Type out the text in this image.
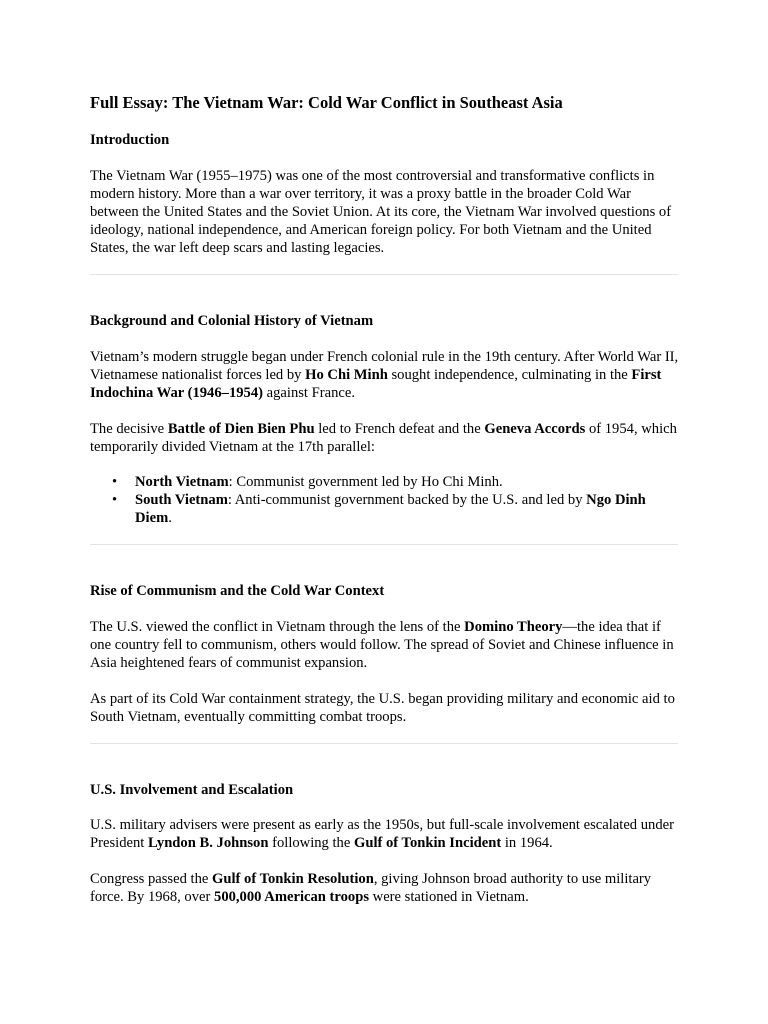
Full Essay: The Vietnam War: Cold War Conflict in Southeast Asia
Introduction
The Vietnam War (1955–1975) was one of the most controversial and transformative conflicts in modern history. More than a war over territory, it was a proxy battle in the broader Cold War between the United States and the Soviet Union. At its core, the Vietnam War involved questions of ideology, national independence, and American foreign policy. For both Vietnam and the United States, the war left deep scars and lasting legacies.
Background and Colonial History of Vietnam
Vietnam’s modern struggle began under French colonial rule in the 19th century. After World War II, Vietnamese nationalist forces led by Ho Chi Minh sought independence, culminating in the First Indochina War (1946–1954) against France.
The decisive Battle of Dien Bien Phu led to French defeat and the Geneva Accords of 1954, which temporarily divided Vietnam at the 17th parallel:
• North Vietnam: Communist government led by Ho Chi Minh.
• South Vietnam: Anti-communist government backed by the U.S. and led by Ngo Dinh Diem.
Rise of Communism and the Cold War Context
The U.S. viewed the conflict in Vietnam through the lens of the Domino Theory—the idea that if one country fell to communism, others would follow. The spread of Soviet and Chinese influence in Asia heightened fears of communist expansion.
As part of its Cold War containment strategy, the U.S. began providing military and economic aid to South Vietnam, eventually committing combat troops.
U.S. Involvement and Escalation
U.S. military advisers were present as early as the 1950s, but full-scale involvement escalated under President Lyndon B. Johnson following the Gulf of Tonkin Incident in 1964.
Congress passed the Gulf of Tonkin Resolution, giving Johnson broad authority to use military force. By 1968, over 500,000 American troops were stationed in Vietnam.
